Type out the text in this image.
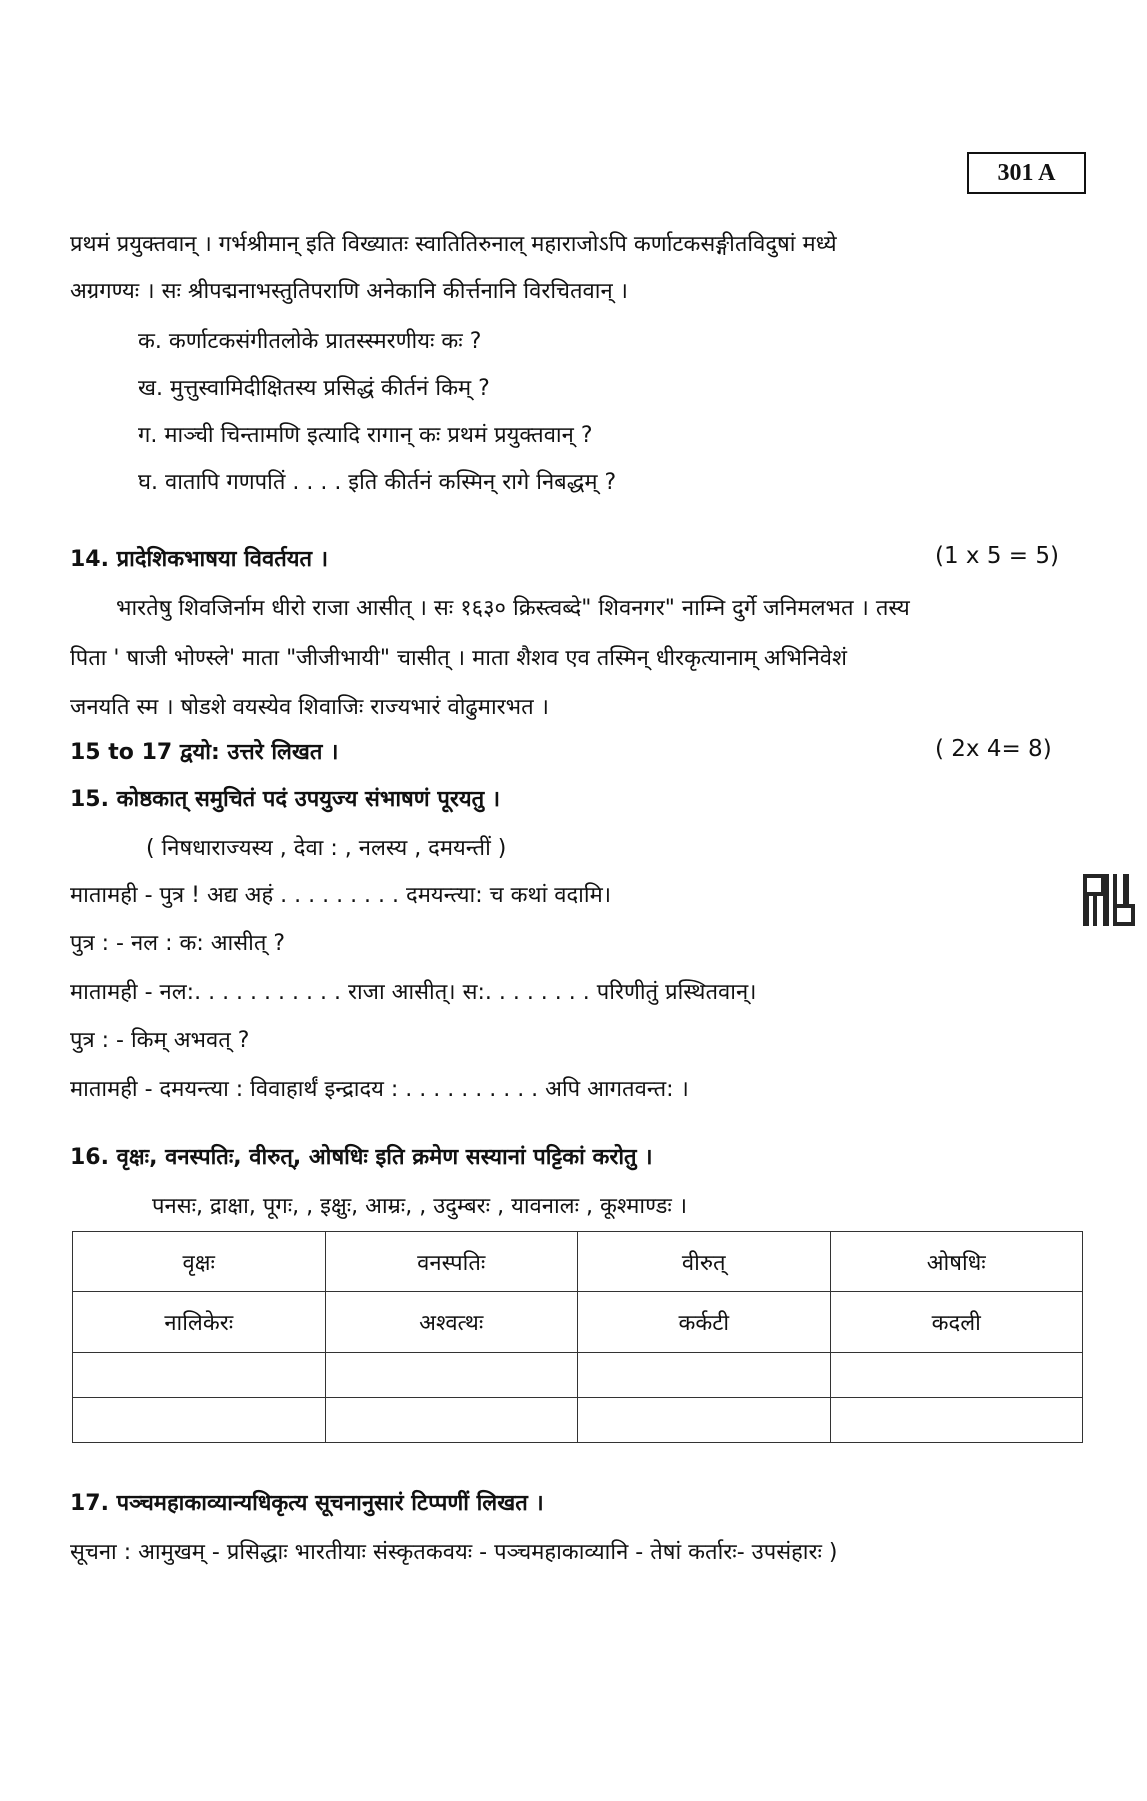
301 A
प्रथमं प्रयुक्तवान् । गर्भश्रीमान् इति विख्यातः स्वातितिरुनाल् महाराजोऽपि कर्णाटकसङ्गीतविदुषां मध्ये
अग्रगण्यः । सः श्रीपद्मनाभस्तुतिपराणि अनेकानि कीर्त्तनानि विरचितवान् ।
क. कर्णाटकसंगीतलोके प्रातस्स्मरणीयः कः ?
ख. मुत्तुस्वामिदीक्षितस्य प्रसिद्धं कीर्तनं किम् ?
ग. माञ्ची चिन्तामणि इत्यादि रागान् कः प्रथमं प्रयुक्तवान् ?
घ. वातापि गणपतिं . . . . इति कीर्तनं कस्मिन् रागे निबद्धम् ?
14. प्रादेशिकभाषया विवर्तयत ।	(1 x 5 = 5)
भारतेषु शिवजिर्नाम धीरो राजा आसीत् । सः १६३० क्रिस्त्वब्दे" शिवनगर" नाम्नि दुर्गे जनिमलभत । तस्य
पिता ' षाजी भोण्स्ले' माता "जीजीभायी" चासीत् । माता शैशव एव तस्मिन् धीरकृत्यानाम् अभिनिवेशं
जनयति स्म । षोडशे वयस्येव शिवाजिः राज्यभारं वोढुमारभत ।
15 to 17 द्वयो: उत्तरे लिखत ।	( 2x 4= 8)
15. कोष्ठकात् समुचितं पदं उपयुज्य संभाषणं पूरयतु ।
( निषधाराज्यस्य , देवा : , नलस्य , दमयन्तीं )
मातामही - पुत्र ! अद्य अहं . . . . . . . . . दमयन्त्या: च कथां वदामि।
पुत्र : - नल : क: आसीत् ?
मातामही - नल:. . . . . . . . . . . राजा आसीत्। स:. . . . . . . . परिणीतुं प्रस्थितवान्।
पुत्र : - किम् अभवत् ?
मातामही - दमयन्त्या : विवाहार्थं इन्द्रादय : . . . . . . . . . . अपि आगतवन्त: ।
16. वृक्षः, वनस्पतिः, वीरुत्, ओषधिः इति क्रमेण सस्यानां पट्टिकां करोतु ।
पनसः, द्राक्षा, पूगः, , इक्षुः, आम्रः, , उदुम्बरः , यावनालः , कूश्माण्डः ।
वृक्षः	वनस्पतिः	वीरुत्	ओषधिः
नालिकेरः	अश्वत्थः	कर्कटी	कदली

17. पञ्चमहाकाव्यान्यधिकृत्य सूचनानुसारं टिप्पणीं लिखत ।
सूचना : आमुखम् - प्रसिद्धाः भारतीयाः संस्कृतकवयः - पञ्चमहाकाव्यानि - तेषां कर्तारः- उपसंहारः )
